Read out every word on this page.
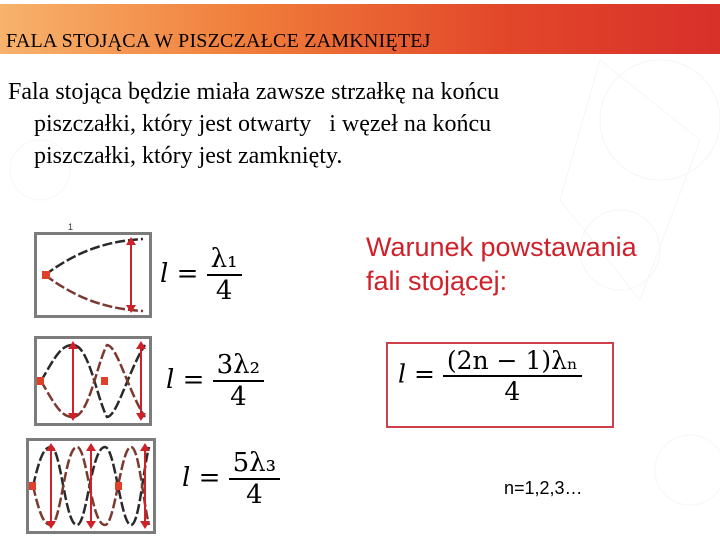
FALA STOJĄCA W PISZCZAŁCE ZAMKNIĘTEJ
Fala stojąca będzie miała zawsze strzałkę na końcu
piszczałki, który jest otwarty   i węzeł na końcu
piszczałki, który jest zamknięty.
1
$l = \frac{\text{λ₁}}{4}$
$l = \frac{\text{3λ₂}}{4}$
$l = \frac{\text{5λ₃}}{4}$
Warunek powstawania
fali stojącej:
$l = \frac{\text{(2n − 1)λₙ}}{4}$
n=1,2,3…
